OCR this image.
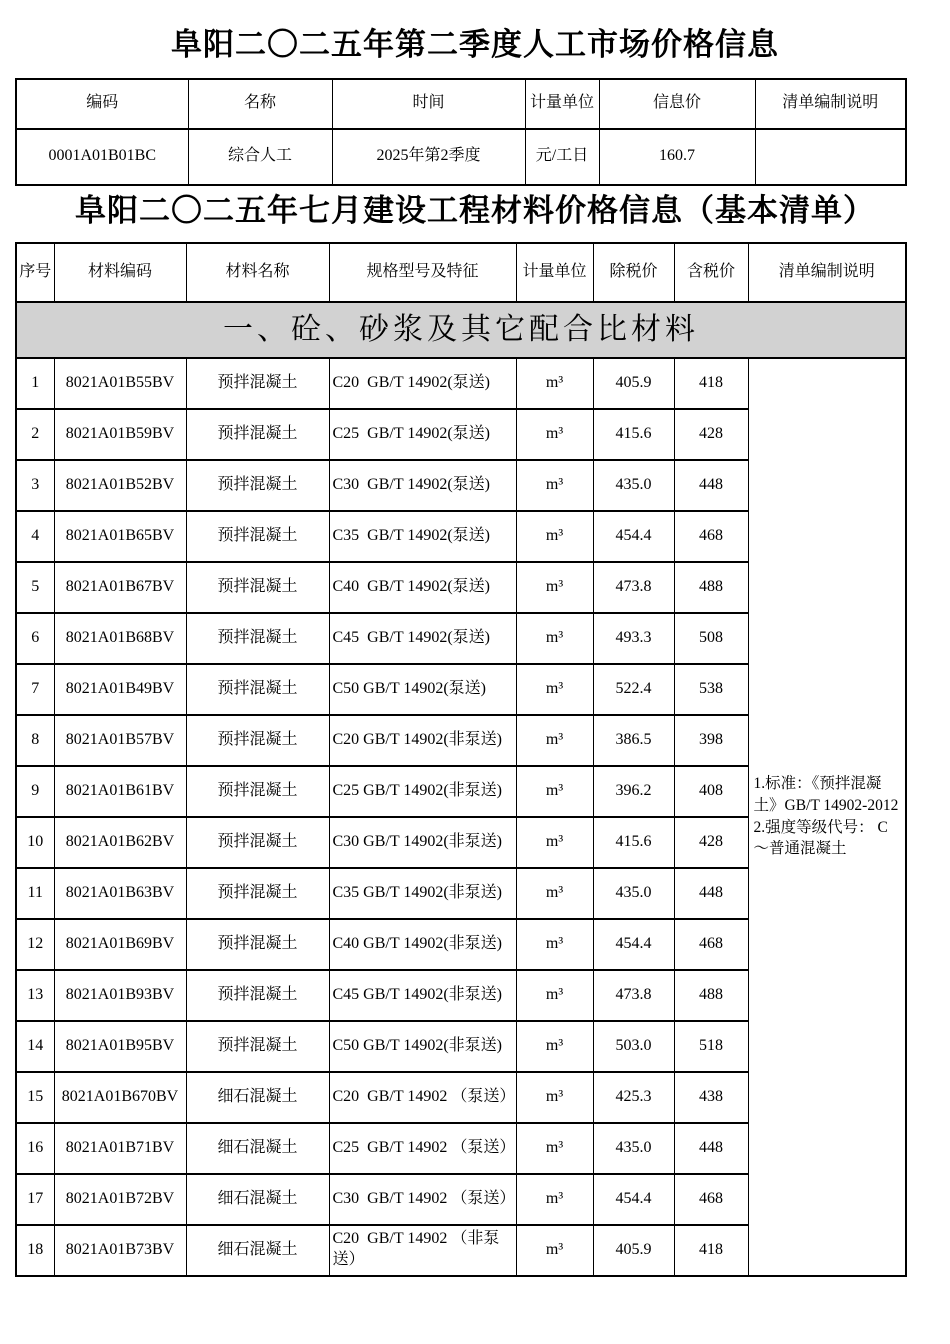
阜阳二〇二五年第二季度人工市场价格信息
编码	名称	时间	计量单位	信息价	清单编制说明
0001A01B01BC	综合人工	2025年第2季度	元/工日	160.7	
阜阳二〇二五年七月建设工程材料价格信息（基本清单）
序号	材料编码	材料名称	规格型号及特征	计量单位	除税价	含税价	清单编制说明
一、砼、砂浆及其它配合比材料							
1	8021A01B55BV	预拌混凝土	C20  GB/T 14902(泵送)	m³	405.9	418	1.标准：《预拌混凝土》GB/T 14902-2012
2.强度等级代号： C～普通混凝土

2	8021A01B59BV	预拌混凝土	C25  GB/T 14902(泵送)	m³	415.6	428	
3	8021A01B52BV	预拌混凝土	C30  GB/T 14902(泵送)	m³	435.0	448	
4	8021A01B65BV	预拌混凝土	C35  GB/T 14902(泵送)	m³	454.4	468	
5	8021A01B67BV	预拌混凝土	C40  GB/T 14902(泵送)	m³	473.8	488	
6	8021A01B68BV	预拌混凝土	C45  GB/T 14902(泵送)	m³	493.3	508	
7	8021A01B49BV	预拌混凝土	C50 GB/T 14902(泵送)	m³	522.4	538	
8	8021A01B57BV	预拌混凝土	C20 GB/T 14902(非泵送)	m³	386.5	398	
9	8021A01B61BV	预拌混凝土	C25 GB/T 14902(非泵送)	m³	396.2	408	
10	8021A01B62BV	预拌混凝土	C30 GB/T 14902(非泵送)	m³	415.6	428	
11	8021A01B63BV	预拌混凝土	C35 GB/T 14902(非泵送)	m³	435.0	448	
12	8021A01B69BV	预拌混凝土	C40 GB/T 14902(非泵送)	m³	454.4	468	
13	8021A01B93BV	预拌混凝土	C45 GB/T 14902(非泵送)	m³	473.8	488	
14	8021A01B95BV	预拌混凝土	C50 GB/T 14902(非泵送)	m³	503.0	518	
15	8021A01B670BV	细石混凝土	C20  GB/T 14902 （泵送）	m³	425.3	438	
16	8021A01B71BV	细石混凝土	C25  GB/T 14902 （泵送）	m³	435.0	448	
17	8021A01B72BV	细石混凝土	C30  GB/T 14902 （泵送）	m³	454.4	468	
18	8021A01B73BV	细石混凝土	C20  GB/T 14902 （非泵送）	m³	405.9	418	
